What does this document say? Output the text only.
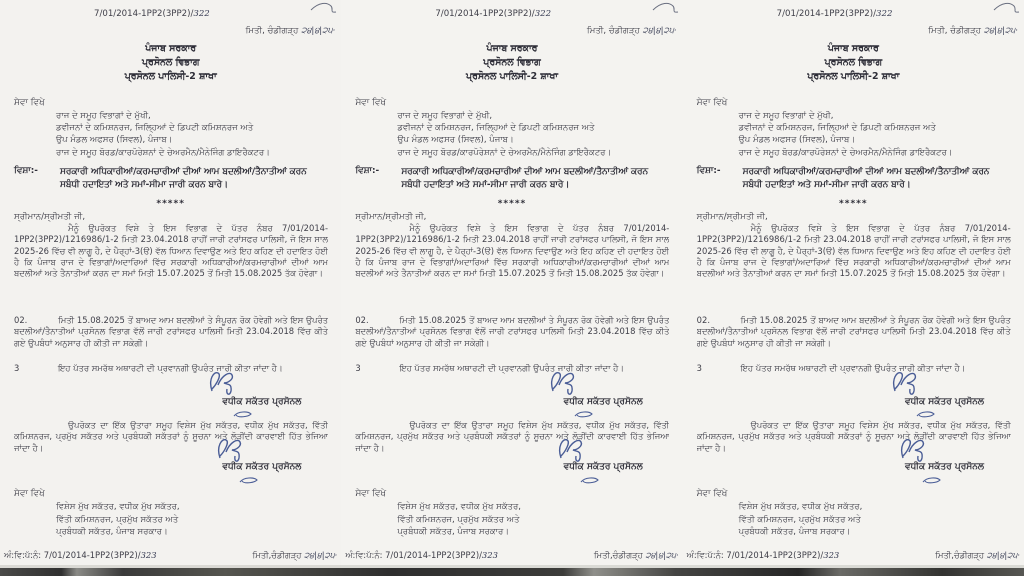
7/01/2014-1PP2(3PP2)/322
ਮਿਤੀ, ਚੰਡੀਗੜ੍ਹ ੨੪|੪|੨੫·
ਪੰਜਾਬ ਸਰਕਾਰ
ਪ੍ਰਸੋਨਲ ਵਿਭਾਗ
ਪ੍ਰਸੋਨਲ ਪਾਲਿਸੀ-2 ਸ਼ਾਖਾ
ਸੇਵਾ ਵਿਖੇ
ਰਾਜ ਦੇ ਸਮੂਹ ਵਿਭਾਗਾਂ ਦੇ ਮੁੱਖੀ,
ਡਵੀਜਨਾਂ ਦੇ ਕਮਿਸ਼ਨਰਜ, ਜਿਲ੍ਹਿਆਂ ਦੇ ਡਿਪਟੀ ਕਮਿਸ਼ਨਰਜ ਅਤੇ
ਉਪ ਮੰਡਲ ਅਫਸਰ (ਸਿਵਲ), ਪੰਜਾਬ।
ਰਾਜ ਦੇ ਸਮੂਹ ਬੋਰਡ/ਕਾਰਪੋਰੇਸ਼ਨਾਂ ਦੇ ਚੇਅਰਮੈਨ/ਮੈਨੇਜਿੰਗ ਡਾਇਰੈਕਟਰ।
ਵਿਸ਼ਾ:-	ਸਰਕਾਰੀ ਅਧਿਕਾਰੀਆਂ/ਕਰਮਚਾਰੀਆਂ ਦੀਆਂ ਆਮ ਬਦਲੀਆਂ/ਤੈਨਾਤੀਆਂ ਕਰਨ ਸਬੰਧੀ ਹਦਾਇਤਾਂ ਅਤੇ ਸਮਾਂ-ਸੀਮਾ ਜਾਰੀ ਕਰਨ ਬਾਰੇ।
*****
ਸ੍ਰੀਮਾਨ/ਸ੍ਰੀਮਤੀ ਜੀ,
ਮੈਨੂੰ ਉਪਰੋਕਤ ਵਿਸ਼ੇ ਤੇ ਇਸ ਵਿਭਾਗ ਦੇ ਪੱਤਰ ਨੰਬਰ 7/01/2014-1PP2(3PP2)/1216986/1-2 ਮਿਤੀ 23.04.2018 ਰਾਹੀਂ ਜਾਰੀ ਟਰਾਂਸਫਰ ਪਾਲਿਸੀ, ਜੋ ਇਸ ਸਾਲ 2025-26 ਵਿੱਚ ਵੀ ਲਾਗੂ ਹੈ, ਦੇ ਪੈਰ੍ਹਾਂ-3(ੳ) ਵੱਲ ਧਿਆਨ ਦਿਵਾਉਣ ਅਤੇ ਇਹ ਕਹਿਣ ਦੀ ਹਦਾਇਤ ਹੋਈ ਹੈ ਕਿ ਪੰਜਾਬ ਰਾਜ ਦੇ ਵਿਭਾਗਾਂ/ਅਦਾਰਿਆਂ ਵਿੱਚ ਸਰਕਾਰੀ ਅਧਿਕਾਰੀਆਂ/ਕਰਮਚਾਰੀਆਂ ਦੀਆਂ ਆਮ ਬਦਲੀਆਂ ਅਤੇ ਤੈਨਾਤੀਆਂ ਕਰਨ ਦਾ ਸਮਾਂ ਮਿਤੀ 15.07.2025 ਤੋਂ ਮਿਤੀ 15.08.2025 ਤੱਕ ਹੋਵੇਗਾ।
02.	ਮਿਤੀ 15.08.2025 ਤੋਂ ਬਾਅਦ ਆਮ ਬਦਲੀਆਂ ਤੇ ਸੰਪੂਰਨ ਰੋਕ ਹੋਵੇਗੀ ਅਤੇ ਇਸ ਉਪਰੰਤ ਬਦਲੀਆਂ/ਤੈਨਾਤੀਆਂ ਪ੍ਰਸੋਨਲ ਵਿਭਾਗ ਵੱਲੋਂ ਜਾਰੀ ਟਰਾਂਸਫਰ ਪਾਲਿਸੀ ਮਿਤੀ 23.04.2018 ਵਿੱਚ ਕੀਤੇ ਗਏ ਉਪਬੰਧਾਂ ਅਨੁਸਾਰ ਹੀ ਕੀਤੀ ਜਾ ਸਕੇਗੀ।
3	ਇਹ ਪੱਤਰ ਸਮਰੱਥ ਅਥਾਰਟੀ ਦੀ ਪ੍ਰਵਾਨਗੀ ਉਪਰੰਤ ਜਾਰੀ ਕੀਤਾ ਜਾਂਦਾ ਹੈ।
ਵਧੀਕ ਸਕੱਤਰ ਪ੍ਰਸੋਨਲ
ਉਪਰੋਕਤ ਦਾ ਇੱਕ ਉਤਾਰਾ ਸਮੂਹ ਵਿਸ਼ੇਸ ਮੁੱਖ ਸਕੱਤਰ, ਵਧੀਕ ਮੁੱਖ ਸਕੱਤਰ, ਵਿੱਤੀ ਕਮਿਸ਼ਨਰਜ, ਪ੍ਰਮੁੱਖ ਸਕੱਤਰ ਅਤੇ ਪ੍ਰਬੰਧਕੀ ਸਕੱਤਰਾਂ ਨੂੰ ਸੂਚਨਾ ਅਤੇ ਲੋੜੀਂਦੀ ਕਾਰਵਾਈ ਹਿੱਤ ਭੇਜਿਆ ਜਾਂਦਾ ਹੈ।
ਵਧੀਕ ਸਕੱਤਰ ਪ੍ਰਸੋਨਲ
ਸੇਵਾ ਵਿਖੇ
ਵਿਸ਼ੇਸ ਮੁੱਖ ਸਕੱਤਰ, ਵਧੀਕ ਮੁੱਖ ਸਕੱਤਰ,
ਵਿੱਤੀ ਕਮਿਸ਼ਨਰਜ, ਪ੍ਰਮੁੱਖ ਸਕੱਤਰ ਅਤੇ
ਪ੍ਰਬੰਧਕੀ ਸਕੱਤਰ, ਪੰਜਾਬ ਸਰਕਾਰ।
ਅੰ:ਵਿ:ਪੱ:ਨੰ: 7/01/2014-1PP2(3PP2)/323	ਮਿਤੀ,ਚੰਡੀਗੜ੍ਹ ੨੪|੪|੨੫·
7/01/2014-1PP2(3PP2)/322
ਮਿਤੀ, ਚੰਡੀਗੜ੍ਹ ੨੪|੪|੨੫·
ਪੰਜਾਬ ਸਰਕਾਰ
ਪ੍ਰਸੋਨਲ ਵਿਭਾਗ
ਪ੍ਰਸੋਨਲ ਪਾਲਿਸੀ-2 ਸ਼ਾਖਾ
ਸੇਵਾ ਵਿਖੇ
ਰਾਜ ਦੇ ਸਮੂਹ ਵਿਭਾਗਾਂ ਦੇ ਮੁੱਖੀ,
ਡਵੀਜਨਾਂ ਦੇ ਕਮਿਸ਼ਨਰਜ, ਜਿਲ੍ਹਿਆਂ ਦੇ ਡਿਪਟੀ ਕਮਿਸ਼ਨਰਜ ਅਤੇ
ਉਪ ਮੰਡਲ ਅਫਸਰ (ਸਿਵਲ), ਪੰਜਾਬ।
ਰਾਜ ਦੇ ਸਮੂਹ ਬੋਰਡ/ਕਾਰਪੋਰੇਸ਼ਨਾਂ ਦੇ ਚੇਅਰਮੈਨ/ਮੈਨੇਜਿੰਗ ਡਾਇਰੈਕਟਰ।
ਵਿਸ਼ਾ:-	ਸਰਕਾਰੀ ਅਧਿਕਾਰੀਆਂ/ਕਰਮਚਾਰੀਆਂ ਦੀਆਂ ਆਮ ਬਦਲੀਆਂ/ਤੈਨਾਤੀਆਂ ਕਰਨ ਸਬੰਧੀ ਹਦਾਇਤਾਂ ਅਤੇ ਸਮਾਂ-ਸੀਮਾ ਜਾਰੀ ਕਰਨ ਬਾਰੇ।
*****
ਸ੍ਰੀਮਾਨ/ਸ੍ਰੀਮਤੀ ਜੀ,
ਮੈਨੂੰ ਉਪਰੋਕਤ ਵਿਸ਼ੇ ਤੇ ਇਸ ਵਿਭਾਗ ਦੇ ਪੱਤਰ ਨੰਬਰ 7/01/2014-1PP2(3PP2)/1216986/1-2 ਮਿਤੀ 23.04.2018 ਰਾਹੀਂ ਜਾਰੀ ਟਰਾਂਸਫਰ ਪਾਲਿਸੀ, ਜੋ ਇਸ ਸਾਲ 2025-26 ਵਿੱਚ ਵੀ ਲਾਗੂ ਹੈ, ਦੇ ਪੈਰ੍ਹਾਂ-3(ੳ) ਵੱਲ ਧਿਆਨ ਦਿਵਾਉਣ ਅਤੇ ਇਹ ਕਹਿਣ ਦੀ ਹਦਾਇਤ ਹੋਈ ਹੈ ਕਿ ਪੰਜਾਬ ਰਾਜ ਦੇ ਵਿਭਾਗਾਂ/ਅਦਾਰਿਆਂ ਵਿੱਚ ਸਰਕਾਰੀ ਅਧਿਕਾਰੀਆਂ/ਕਰਮਚਾਰੀਆਂ ਦੀਆਂ ਆਮ ਬਦਲੀਆਂ ਅਤੇ ਤੈਨਾਤੀਆਂ ਕਰਨ ਦਾ ਸਮਾਂ ਮਿਤੀ 15.07.2025 ਤੋਂ ਮਿਤੀ 15.08.2025 ਤੱਕ ਹੋਵੇਗਾ।
02.	ਮਿਤੀ 15.08.2025 ਤੋਂ ਬਾਅਦ ਆਮ ਬਦਲੀਆਂ ਤੇ ਸੰਪੂਰਨ ਰੋਕ ਹੋਵੇਗੀ ਅਤੇ ਇਸ ਉਪਰੰਤ ਬਦਲੀਆਂ/ਤੈਨਾਤੀਆਂ ਪ੍ਰਸੋਨਲ ਵਿਭਾਗ ਵੱਲੋਂ ਜਾਰੀ ਟਰਾਂਸਫਰ ਪਾਲਿਸੀ ਮਿਤੀ 23.04.2018 ਵਿੱਚ ਕੀਤੇ ਗਏ ਉਪਬੰਧਾਂ ਅਨੁਸਾਰ ਹੀ ਕੀਤੀ ਜਾ ਸਕੇਗੀ।
3	ਇਹ ਪੱਤਰ ਸਮਰੱਥ ਅਥਾਰਟੀ ਦੀ ਪ੍ਰਵਾਨਗੀ ਉਪਰੰਤ ਜਾਰੀ ਕੀਤਾ ਜਾਂਦਾ ਹੈ।
ਵਧੀਕ ਸਕੱਤਰ ਪ੍ਰਸੋਨਲ
ਉਪਰੋਕਤ ਦਾ ਇੱਕ ਉਤਾਰਾ ਸਮੂਹ ਵਿਸ਼ੇਸ ਮੁੱਖ ਸਕੱਤਰ, ਵਧੀਕ ਮੁੱਖ ਸਕੱਤਰ, ਵਿੱਤੀ ਕਮਿਸ਼ਨਰਜ, ਪ੍ਰਮੁੱਖ ਸਕੱਤਰ ਅਤੇ ਪ੍ਰਬੰਧਕੀ ਸਕੱਤਰਾਂ ਨੂੰ ਸੂਚਨਾ ਅਤੇ ਲੋੜੀਂਦੀ ਕਾਰਵਾਈ ਹਿੱਤ ਭੇਜਿਆ ਜਾਂਦਾ ਹੈ।
ਵਧੀਕ ਸਕੱਤਰ ਪ੍ਰਸੋਨਲ
ਸੇਵਾ ਵਿਖੇ
ਵਿਸ਼ੇਸ ਮੁੱਖ ਸਕੱਤਰ, ਵਧੀਕ ਮੁੱਖ ਸਕੱਤਰ,
ਵਿੱਤੀ ਕਮਿਸ਼ਨਰਜ, ਪ੍ਰਮੁੱਖ ਸਕੱਤਰ ਅਤੇ
ਪ੍ਰਬੰਧਕੀ ਸਕੱਤਰ, ਪੰਜਾਬ ਸਰਕਾਰ।
ਅੰ:ਵਿ:ਪੱ:ਨੰ: 7/01/2014-1PP2(3PP2)/323	ਮਿਤੀ,ਚੰਡੀਗੜ੍ਹ ੨੪|੪|੨੫·
7/01/2014-1PP2(3PP2)/322
ਮਿਤੀ, ਚੰਡੀਗੜ੍ਹ ੨੪|੪|੨੫·
ਪੰਜਾਬ ਸਰਕਾਰ
ਪ੍ਰਸੋਨਲ ਵਿਭਾਗ
ਪ੍ਰਸੋਨਲ ਪਾਲਿਸੀ-2 ਸ਼ਾਖਾ
ਸੇਵਾ ਵਿਖੇ
ਰਾਜ ਦੇ ਸਮੂਹ ਵਿਭਾਗਾਂ ਦੇ ਮੁੱਖੀ,
ਡਵੀਜਨਾਂ ਦੇ ਕਮਿਸ਼ਨਰਜ, ਜਿਲ੍ਹਿਆਂ ਦੇ ਡਿਪਟੀ ਕਮਿਸ਼ਨਰਜ ਅਤੇ
ਉਪ ਮੰਡਲ ਅਫਸਰ (ਸਿਵਲ), ਪੰਜਾਬ।
ਰਾਜ ਦੇ ਸਮੂਹ ਬੋਰਡ/ਕਾਰਪੋਰੇਸ਼ਨਾਂ ਦੇ ਚੇਅਰਮੈਨ/ਮੈਨੇਜਿੰਗ ਡਾਇਰੈਕਟਰ।
ਵਿਸ਼ਾ:-	ਸਰਕਾਰੀ ਅਧਿਕਾਰੀਆਂ/ਕਰਮਚਾਰੀਆਂ ਦੀਆਂ ਆਮ ਬਦਲੀਆਂ/ਤੈਨਾਤੀਆਂ ਕਰਨ ਸਬੰਧੀ ਹਦਾਇਤਾਂ ਅਤੇ ਸਮਾਂ-ਸੀਮਾ ਜਾਰੀ ਕਰਨ ਬਾਰੇ।
*****
ਸ੍ਰੀਮਾਨ/ਸ੍ਰੀਮਤੀ ਜੀ,
ਮੈਨੂੰ ਉਪਰੋਕਤ ਵਿਸ਼ੇ ਤੇ ਇਸ ਵਿਭਾਗ ਦੇ ਪੱਤਰ ਨੰਬਰ 7/01/2014-1PP2(3PP2)/1216986/1-2 ਮਿਤੀ 23.04.2018 ਰਾਹੀਂ ਜਾਰੀ ਟਰਾਂਸਫਰ ਪਾਲਿਸੀ, ਜੋ ਇਸ ਸਾਲ 2025-26 ਵਿੱਚ ਵੀ ਲਾਗੂ ਹੈ, ਦੇ ਪੈਰ੍ਹਾਂ-3(ੳ) ਵੱਲ ਧਿਆਨ ਦਿਵਾਉਣ ਅਤੇ ਇਹ ਕਹਿਣ ਦੀ ਹਦਾਇਤ ਹੋਈ ਹੈ ਕਿ ਪੰਜਾਬ ਰਾਜ ਦੇ ਵਿਭਾਗਾਂ/ਅਦਾਰਿਆਂ ਵਿੱਚ ਸਰਕਾਰੀ ਅਧਿਕਾਰੀਆਂ/ਕਰਮਚਾਰੀਆਂ ਦੀਆਂ ਆਮ ਬਦਲੀਆਂ ਅਤੇ ਤੈਨਾਤੀਆਂ ਕਰਨ ਦਾ ਸਮਾਂ ਮਿਤੀ 15.07.2025 ਤੋਂ ਮਿਤੀ 15.08.2025 ਤੱਕ ਹੋਵੇਗਾ।
02.	ਮਿਤੀ 15.08.2025 ਤੋਂ ਬਾਅਦ ਆਮ ਬਦਲੀਆਂ ਤੇ ਸੰਪੂਰਨ ਰੋਕ ਹੋਵੇਗੀ ਅਤੇ ਇਸ ਉਪਰੰਤ ਬਦਲੀਆਂ/ਤੈਨਾਤੀਆਂ ਪ੍ਰਸੋਨਲ ਵਿਭਾਗ ਵੱਲੋਂ ਜਾਰੀ ਟਰਾਂਸਫਰ ਪਾਲਿਸੀ ਮਿਤੀ 23.04.2018 ਵਿੱਚ ਕੀਤੇ ਗਏ ਉਪਬੰਧਾਂ ਅਨੁਸਾਰ ਹੀ ਕੀਤੀ ਜਾ ਸਕੇਗੀ।
3	ਇਹ ਪੱਤਰ ਸਮਰੱਥ ਅਥਾਰਟੀ ਦੀ ਪ੍ਰਵਾਨਗੀ ਉਪਰੰਤ ਜਾਰੀ ਕੀਤਾ ਜਾਂਦਾ ਹੈ।
ਵਧੀਕ ਸਕੱਤਰ ਪ੍ਰਸੋਨਲ
ਉਪਰੋਕਤ ਦਾ ਇੱਕ ਉਤਾਰਾ ਸਮੂਹ ਵਿਸ਼ੇਸ ਮੁੱਖ ਸਕੱਤਰ, ਵਧੀਕ ਮੁੱਖ ਸਕੱਤਰ, ਵਿੱਤੀ ਕਮਿਸ਼ਨਰਜ, ਪ੍ਰਮੁੱਖ ਸਕੱਤਰ ਅਤੇ ਪ੍ਰਬੰਧਕੀ ਸਕੱਤਰਾਂ ਨੂੰ ਸੂਚਨਾ ਅਤੇ ਲੋੜੀਂਦੀ ਕਾਰਵਾਈ ਹਿੱਤ ਭੇਜਿਆ ਜਾਂਦਾ ਹੈ।
ਵਧੀਕ ਸਕੱਤਰ ਪ੍ਰਸੋਨਲ
ਸੇਵਾ ਵਿਖੇ
ਵਿਸ਼ੇਸ ਮੁੱਖ ਸਕੱਤਰ, ਵਧੀਕ ਮੁੱਖ ਸਕੱਤਰ,
ਵਿੱਤੀ ਕਮਿਸ਼ਨਰਜ, ਪ੍ਰਮੁੱਖ ਸਕੱਤਰ ਅਤੇ
ਪ੍ਰਬੰਧਕੀ ਸਕੱਤਰ, ਪੰਜਾਬ ਸਰਕਾਰ।
ਅੰ:ਵਿ:ਪੱ:ਨੰ: 7/01/2014-1PP2(3PP2)/323	ਮਿਤੀ,ਚੰਡੀਗੜ੍ਹ ੨੪|੪|੨੫·
